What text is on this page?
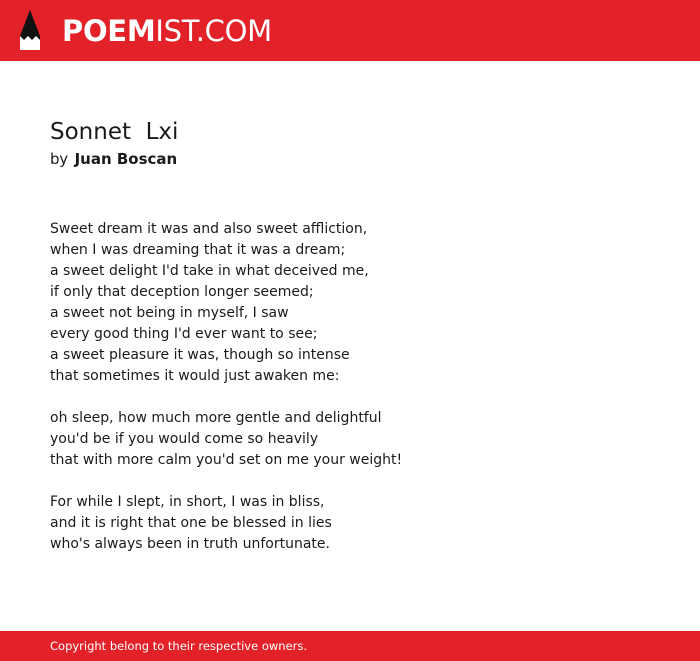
POEMIST.COM
Sonnet  Lxi
by Juan Boscan
Sweet dream it was and also sweet affliction,
when I was dreaming that it was a dream;
a sweet delight I'd take in what deceived me,
if only that deception longer seemed;
a sweet not being in myself, I saw
every good thing I'd ever want to see;
a sweet pleasure it was, though so intense
that sometimes it would just awaken me:
oh sleep, how much more gentle and delightful
you'd be if you would come so heavily
that with more calm you'd set on me your weight!
For while I slept, in short, I was in bliss,
and it is right that one be blessed in lies
who's always been in truth unfortunate.
Copyright belong to their respective owners.
